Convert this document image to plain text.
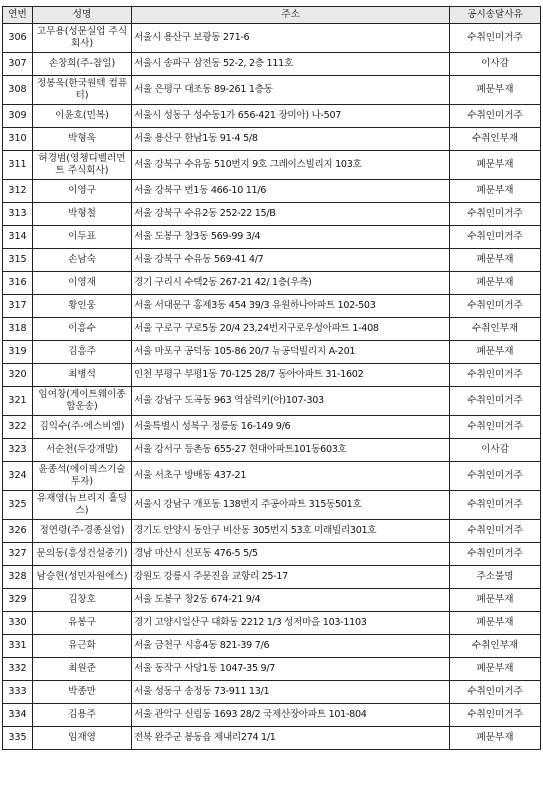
연번	성명	주소	공시송달사유
306	고무용(성문실업 주식회사)	서울시 용산구 보광동 271-6	수취인미거주
307	손창희(주-참일)	서울시 송파구 삼전동 52-2, 2층 111호	이사감
308	정봉욱(한국원텍 컴퓨터)	서울 은평구 대조동 89-261 1층동	폐문부재
309	이윤호(민복)	서울시 성동구 성수동1가 656-421 장미아) 나-507	수취인미거주
310	박형욱	서울 용산구 한남1동 91-4 5/8	수취인부재
311	허경범(영챙디벨러먼트 주식회사)	서울 강북구 수유동 510번지 9호 그레이스빌리지 103호	폐문부재
312	이영구	서울 강북구 번1동 466-10 11/6	폐문부재
313	박형철	서울 강북구 수유2동 252-22 15/B	수취인미거주
314	이두표	서울 도봉구 창3동 569-99 3/4	수취인미거주
315	손남숙	서울 강북구 수유동 569-41 4/7	폐문부재
316	이영재	경기 구리시 수택2동 267-21 42/ 1층(우측)	폐문부재
317	황인웅	서울 서대문구 홍제3동 454 39/3 유원하나아파트 102-503	수취인미거주
318	이흥수	서울 구로구 구로5동 20/4 23,24번지구로우성아파트 1-408	수취인부재
319	김흥주	서울 마포구 공덕동 105-86 20/7 뉴공덕빌리지 A-201	폐문부재
320	최병석	인천 부평구 부평1동 70-125 28/7 동아아파트 31-1602	수취인미거주
321	임여창(게이트웨이종합운송)	서울 강남구 도곡동 963 역삼럭키(아)107-303	수취인미거주
322	김익수(주-에스비엠)	서울특별시 성북구 정릉동 16-149 9/6	수취인미거주
323	서순천(두강개발)	서울 강서구 등촌동 655-27 현대아파트101동603호	이사감
324	윤종석(에이픽스기술투자)	서울 서초구 방배동 437-21	수취인미거주
325	유재영(뉴브리지 홀딩스)	서울시 강남구 개포동 138번지 주공아파트 315동501호	수취인미거주
326	정연령(주-경종실업)	경기도 안양시 동안구 비산동 305번지 53호 미래빌리301호	수취인미거주
327	문의동(흥성건설중기)	경남 마산시 신포동 476-5 5/5	수취인미거주
328	남승현(성민자원에스)	강원도 강릉시 주문진읍 교항리 25-17	주소불명
329	김창호	서울 도봉구 창2동 674-21 9/4	폐문부재
330	유봉구	경기 고양시일산구 대화동 2212 1/3 성저마을 103-1103	폐문부재
331	유근화	서울 금천구 시흥4동 821-39 7/6	수취인부재
332	최원준	서울 동작구 사당1동 1047-35 9/7	폐문부재
333	박종만	서울 성동구 송정동 73-911 13/1	수취인미거주
334	김용주	서울 관악구 신림동 1693 28/2 국제산장아파트 101-804	수취인미거주
335	임재영	전북 완주군 봉동읍 제내리274 1/1	폐문부재
